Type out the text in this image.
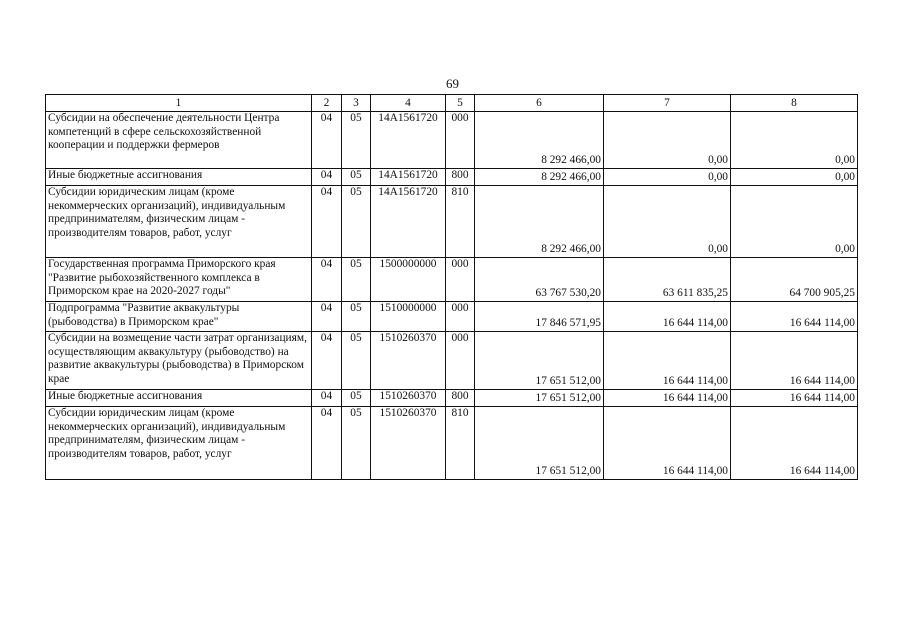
69
1	2	3	4	5	6	7	8
Субсидии на обеспечение деятельности Центра компетенций в сфере сельскохозяйственной кооперации и поддержки фермеров	04	05	14А1561720	000	8 292 466,00	0,00	0,00
Иные бюджетные ассигнования	04	05	14А1561720	800	8 292 466,00	0,00	0,00
Субсидии юридическим лицам (кроме некоммерческих организаций), индивидуальным предпринимателям, физическим лицам - производителям товаров, работ, услуг	04	05	14А1561720	810	8 292 466,00	0,00	0,00
Государственная программа Приморского края "Развитие рыбохозяйственного комплекса в Приморском крае на 2020-2027 годы"	04	05	1500000000	000	63 767 530,20	63 611 835,25	64 700 905,25
Подпрограмма "Развитие аквакультуры (рыбоводства) в Приморском крае"	04	05	1510000000	000	17 846 571,95	16 644 114,00	16 644 114,00
Субсидии на возмещение части затрат организациям, осуществляющим аквакультуру (рыбоводство) на развитие аквакультуры (рыбоводства) в Приморском крае	04	05	1510260370	000	17 651 512,00	16 644 114,00	16 644 114,00
Иные бюджетные ассигнования	04	05	1510260370	800	17 651 512,00	16 644 114,00	16 644 114,00
Субсидии юридическим лицам (кроме некоммерческих организаций), индивидуальным предпринимателям, физическим лицам - производителям товаров, работ, услуг	04	05	1510260370	810	17 651 512,00	16 644 114,00	16 644 114,00
